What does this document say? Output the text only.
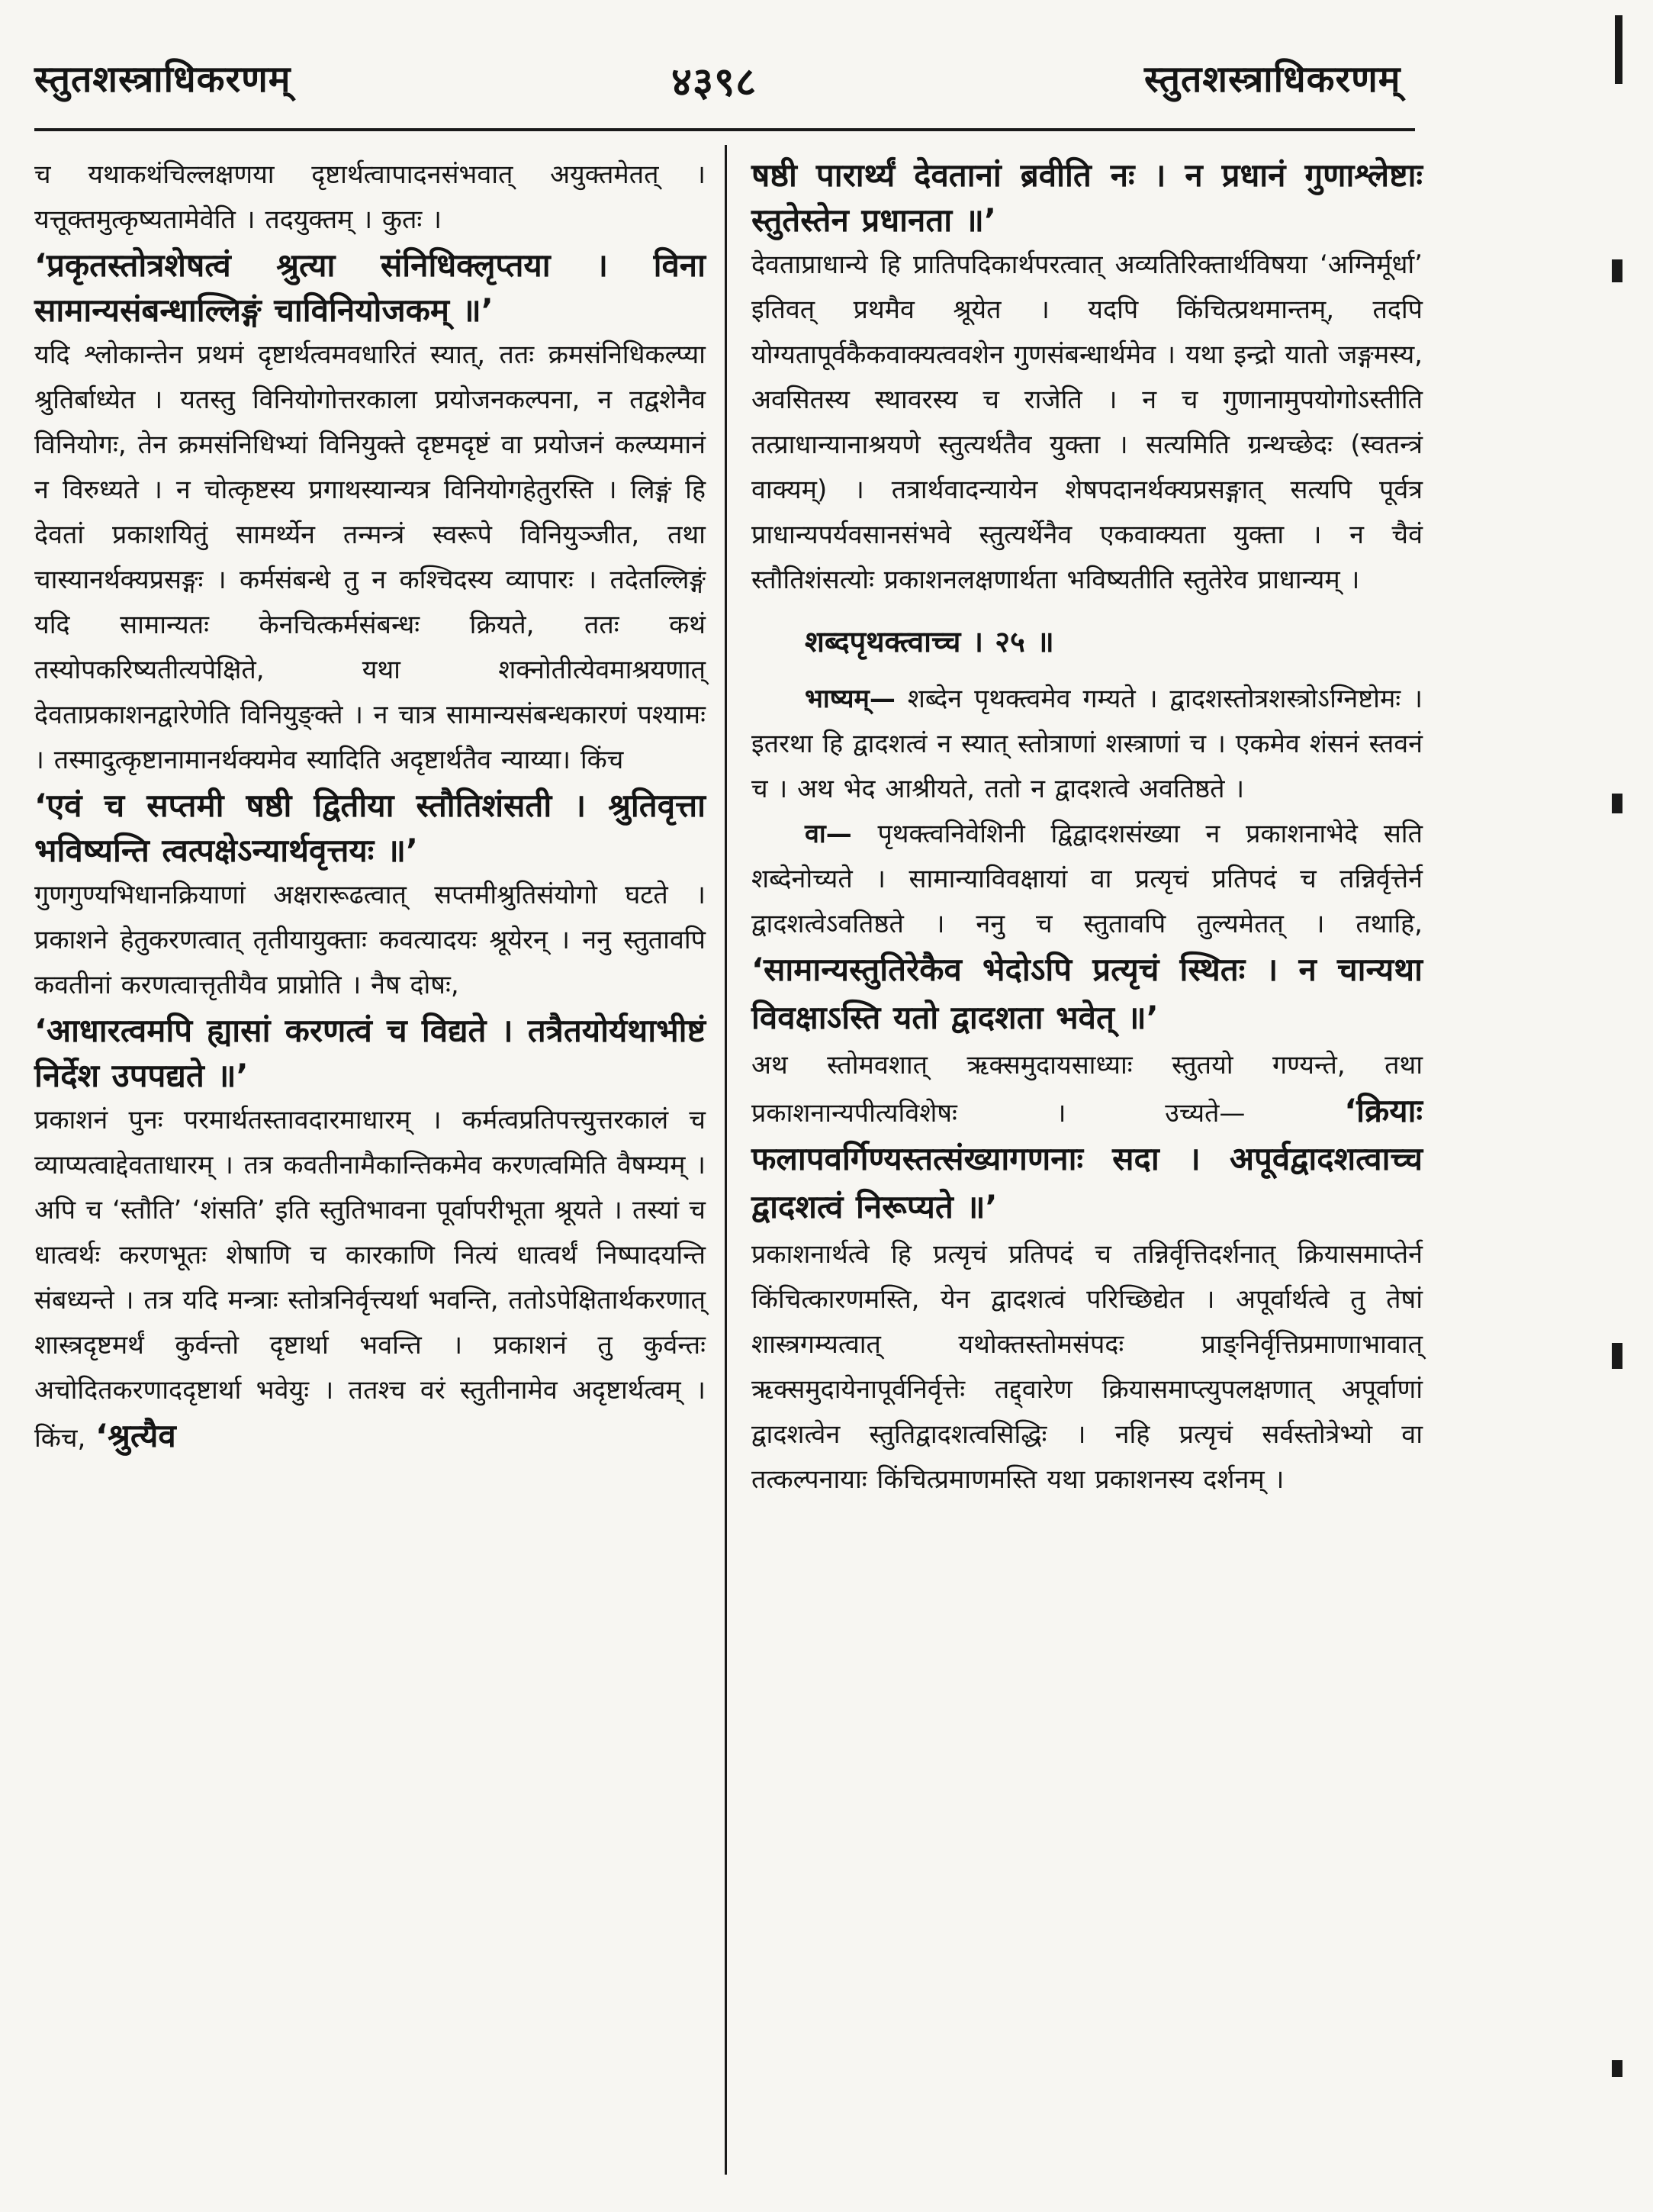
स्तुतशस्त्राधिकरणम्	४३९८	स्तुतशस्त्राधिकरणम्

च यथाकथंचिल्लक्षणया दृष्टार्थत्वापादनसंभवात् अयुक्तमेतत् । यत्तूक्तमुत्कृष्यतामेवेति । तदयुक्तम् । कुतः ।

‘प्रकृतस्तोत्रशेषत्वं श्रुत्या संनिधिक्लृप्तया । विना सामान्यसंबन्धाल्लिङ्गं चाविनियोजकम् ॥’

यदि श्लोकान्तेन प्रथमं दृष्टार्थत्वमवधारितं स्यात्, ततः क्रमसंनिधिकल्प्या श्रुतिर्बाध्येत । यतस्तु विनियोगोत्तरकाला प्रयोजनकल्पना, न तद्वशेनैव विनियोगः, तेन क्रमसंनिधिभ्यां विनियुक्ते दृष्टमदृष्टं वा प्रयोजनं कल्प्यमानं न विरुध्यते । न चोत्कृष्टस्य प्रगाथस्यान्यत्र विनियोगहेतुरस्ति । लिङ्गं हि देवतां प्रकाशयितुं सामर्थ्येन तन्मन्त्रं स्वरूपे विनियुञ्जीत, तथा चास्यानर्थक्यप्रसङ्गः । कर्मसंबन्धे तु न कश्चिदस्य व्यापारः । तदेतल्लिङ्गं यदि सामान्यतः केनचित्कर्मसंबन्धः क्रियते, ततः कथं तस्योपकरिष्यतीत्यपेक्षिते, यथा शक्नोतीत्येवमाश्रयणात् देवताप्रकाशनद्वारेणेति विनियुङ्क्ते । न चात्र सामान्यसंबन्धकारणं पश्यामः । तस्मादुत्कृष्टानामानर्थक्यमेव स्यादिति अदृष्टार्थतैव न्याय्या। किंच

‘एवं च सप्तमी षष्ठी द्वितीया स्तौतिशंसती । श्रुतिवृत्ता भविष्यन्ति त्वत्पक्षेऽन्यार्थवृत्तयः ॥’

गुणगुण्यभिधानक्रियाणां अक्षरारूढत्वात् सप्तमीश्रुतिसंयोगो घटते । प्रकाशने हेतुकरणत्वात् तृतीयायुक्ताः कवत्यादयः श्रूयेरन् । ननु स्तुतावपि कवतीनां करणत्वात्तृतीयैव प्राप्नोति । नैष दोषः,

‘आधारत्वमपि ह्यासां करणत्वं च विद्यते । तत्रैतयोर्यथाभीष्टं निर्देश उपपद्यते ॥’

प्रकाशनं पुनः परमार्थतस्तावदारमाधारम् । कर्मत्वप्रतिपत्त्युत्तरकालं च व्याप्यत्वाद्देवताधारम् । तत्र कवतीनामैकान्तिकमेव करणत्वमिति वैषम्यम् । अपि च ‘स्तौति’ ‘शंसति’ इति स्तुतिभावना पूर्वापरीभूता श्रूयते । तस्यां च धात्वर्थः करणभूतः शेषाणि च कारकाणि नित्यं धात्वर्थं निष्पादयन्ति संबध्यन्ते । तत्र यदि मन्त्राः स्तोत्रनिर्वृत्त्यर्था भवन्ति, ततोऽपेक्षितार्थकरणात् शास्त्रदृष्टमर्थं कुर्वन्तो दृष्टार्था भवन्ति । प्रकाशनं तु कुर्वन्तः अचोदितकरणाददृष्टार्था भवेयुः । ततश्च वरं स्तुतीनामेव अदृष्टार्थत्वम् । किंच, ‘श्रुत्यैव

षष्ठी पारार्थ्यं देवतानां ब्रवीति नः । न प्रधानं गुणाश्लेष्टाः स्तुतेस्तेन प्रधानता ॥’

देवताप्राधान्ये हि प्रातिपदिकार्थपरत्वात् अव्यतिरिक्तार्थविषया ‘अग्निर्मूर्धा’ इतिवत् प्रथमैव श्रूयेत । यदपि किंचित्प्रथमान्तम्, तदपि योग्यतापूर्वकैकवाक्यत्ववशेन गुणसंबन्धार्थमेव । यथा इन्द्रो यातो जङ्गमस्य, अवसितस्य स्थावरस्य च राजेति । न च गुणानामुपयोगोऽस्तीति तत्प्राधान्यानाश्रयणे स्तुत्यर्थतैव युक्ता । सत्यमिति ग्रन्थच्छेदः (स्वतन्त्रं वाक्यम्) । तत्रार्थवादन्यायेन शेषपदानर्थक्यप्रसङ्गात् सत्यपि पूर्वत्र प्राधान्यपर्यवसानसंभवे स्तुत्यर्थेनैव एकवाक्यता युक्ता । न चैवं स्तौतिशंसत्योः प्रकाशनलक्षणार्थता भविष्यतीति स्तुतेरेव प्राधान्यम् ।

शब्दपृथक्त्वाच्च । २५ ॥

भाष्यम्— शब्देन पृथक्त्वमेव गम्यते । द्वादशस्तोत्रशस्त्रोऽग्निष्टोमः । इतरथा हि द्वादशत्वं न स्यात् स्तोत्राणां शस्त्राणां च । एकमेव शंसनं स्तवनं च । अथ भेद आश्रीयते, ततो न द्वादशत्वे अवतिष्ठते ।

वा— पृथक्त्वनिवेशिनी द्विद्वादशसंख्या न प्रकाशनाभेदे सति शब्देनोच्यते । सामान्याविवक्षायां वा प्रत्यृचं प्रतिपदं च तन्निर्वृत्तेर्न द्वादशत्वेऽवतिष्ठते । ननु च स्तुतावपि तुल्यमेतत् । तथाहि, ‘सामान्यस्तुतिरेकैव भेदोऽपि प्रत्यृचं स्थितः । न चान्यथा विवक्षाऽस्ति यतो द्वादशता भवेत् ॥’

अथ स्तोमवशात् ऋक्समुदायसाध्याः स्तुतयो गण्यन्ते, तथा प्रकाशनान्यपीत्यविशेषः । उच्यते—	‘क्रियाः फलापवर्गिण्यस्तत्संख्यागणनाः सदा । अपूर्वद्वादशत्वाच्च द्वादशत्वं निरूप्यते ॥’

प्रकाशनार्थत्वे हि प्रत्यृचं प्रतिपदं च तन्निर्वृत्तिदर्शनात् क्रियासमाप्तेर्न किंचित्कारणमस्ति, येन द्वादशत्वं परिच्छिद्येत । अपूर्वार्थत्वे तु तेषां शास्त्रगम्यत्वात् यथोक्तस्तोमसंपदः प्राङ्निर्वृत्तिप्रमाणाभावात् ऋक्समुदायेनापूर्वनिर्वृत्तेः तद्द्वारेण क्रियासमाप्त्युपलक्षणात् अपूर्वाणां द्वादशत्वेन स्तुतिद्वादशत्वसिद्धिः । नहि प्रत्यृचं सर्वस्तोत्रेभ्यो वा तत्कल्पनायाः किंचित्प्रमाणमस्ति यथा प्रकाशनस्य दर्शनम् ।
